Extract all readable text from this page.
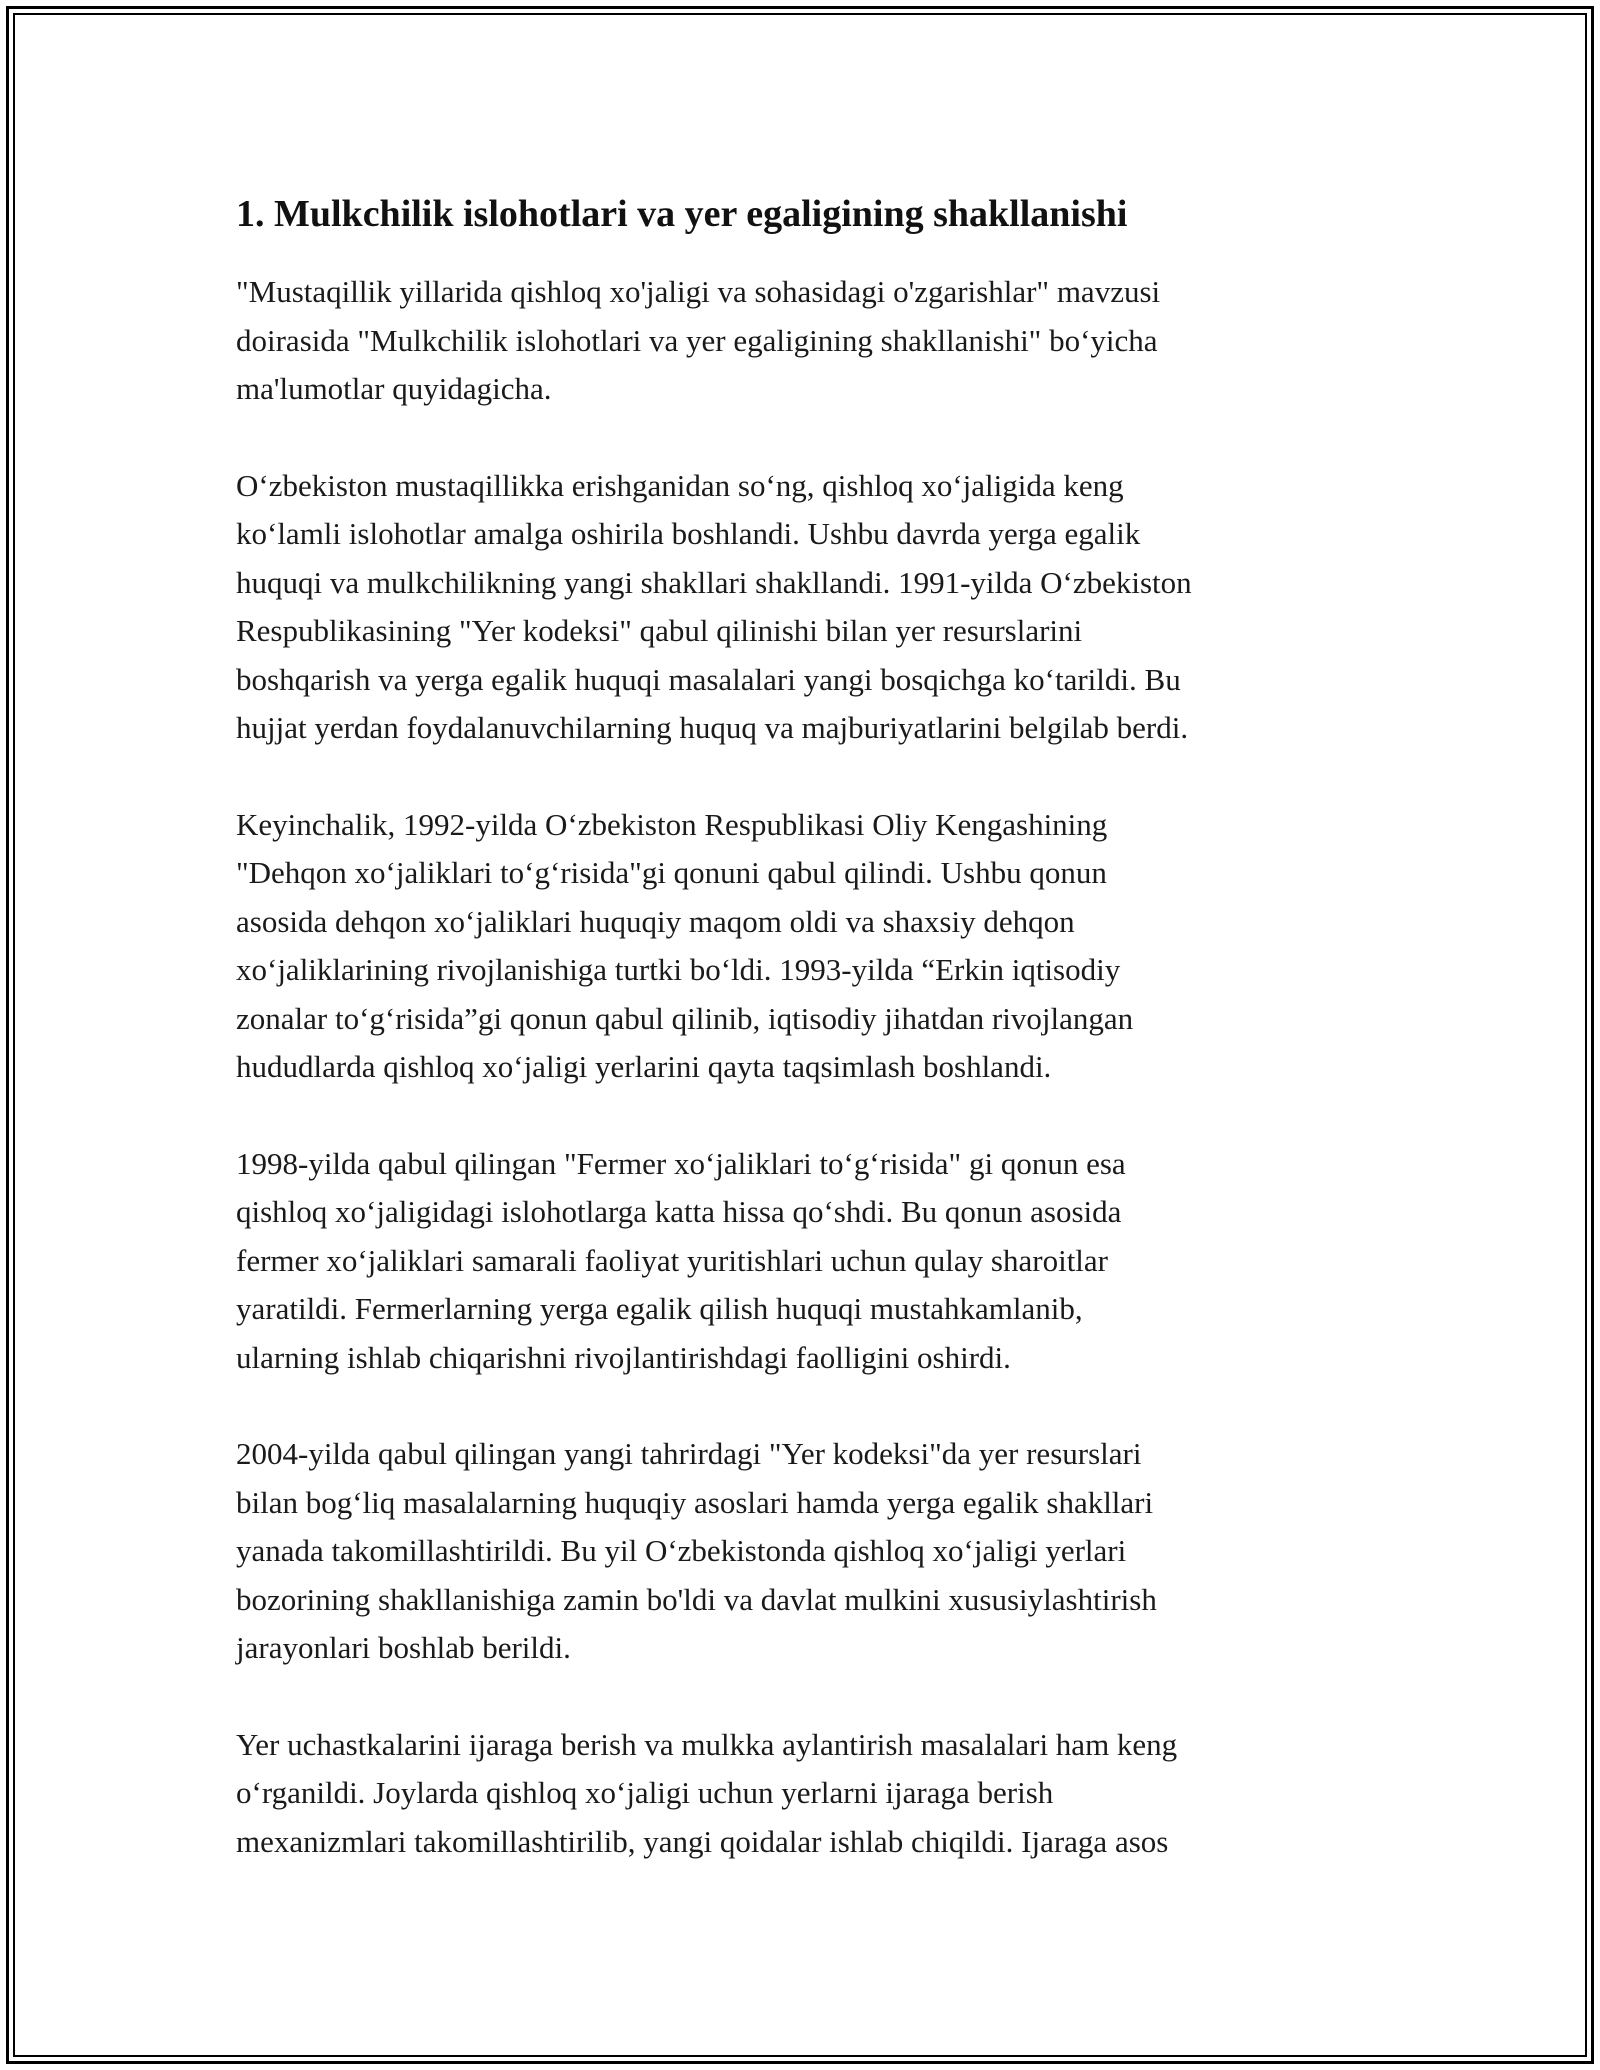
1. Mulkchilik islohotlari va yer egaligining shakllanishi
"Mustaqillik yillarida qishloq xo'jaligi va sohasidagi o'zgarishlar" mavzusi
doirasida "Mulkchilik islohotlari va yer egaligining shakllanishi" bo‘yicha
ma'lumotlar quyidagicha.
O‘zbekiston mustaqillikka erishganidan so‘ng, qishloq xo‘jaligida keng
ko‘lamli islohotlar amalga oshirila boshlandi. Ushbu davrda yerga egalik
huquqi va mulkchilikning yangi shakllari shakllandi. 1991-yilda O‘zbekiston
Respublikasining "Yer kodeksi" qabul qilinishi bilan yer resurslarini
boshqarish va yerga egalik huquqi masalalari yangi bosqichga ko‘tarildi. Bu
hujjat yerdan foydalanuvchilarning huquq va majburiyatlarini belgilab berdi.
Keyinchalik, 1992-yilda O‘zbekiston Respublikasi Oliy Kengashining
"Dehqon xo‘jaliklari to‘g‘risida"gi qonuni qabul qilindi. Ushbu qonun
asosida dehqon xo‘jaliklari huquqiy maqom oldi va shaxsiy dehqon
xo‘jaliklarining rivojlanishiga turtki bo‘ldi. 1993-yilda “Erkin iqtisodiy
zonalar to‘g‘risida”gi qonun qabul qilinib, iqtisodiy jihatdan rivojlangan
hududlarda qishloq xo‘jaligi yerlarini qayta taqsimlash boshlandi.
1998-yilda qabul qilingan "Fermer xo‘jaliklari to‘g‘risida" gi qonun esa
qishloq xo‘jaligidagi islohotlarga katta hissa qo‘shdi. Bu qonun asosida
fermer xo‘jaliklari samarali faoliyat yuritishlari uchun qulay sharoitlar
yaratildi. Fermerlarning yerga egalik qilish huquqi mustahkamlanib,
ularning ishlab chiqarishni rivojlantirishdagi faolligini oshirdi.
2004-yilda qabul qilingan yangi tahrirdagi "Yer kodeksi"da yer resurslari
bilan bog‘liq masalalarning huquqiy asoslari hamda yerga egalik shakllari
yanada takomillashtirildi. Bu yil O‘zbekistonda qishloq xo‘jaligi yerlari
bozorining shakllanishiga zamin bo'ldi va davlat mulkini xususiylashtirish
jarayonlari boshlab berildi.
Yer uchastkalarini ijaraga berish va mulkka aylantirish masalalari ham keng
o‘rganildi. Joylarda qishloq xo‘jaligi uchun yerlarni ijaraga berish
mexanizmlari takomillashtirilib, yangi qoidalar ishlab chiqildi. Ijaraga asos
